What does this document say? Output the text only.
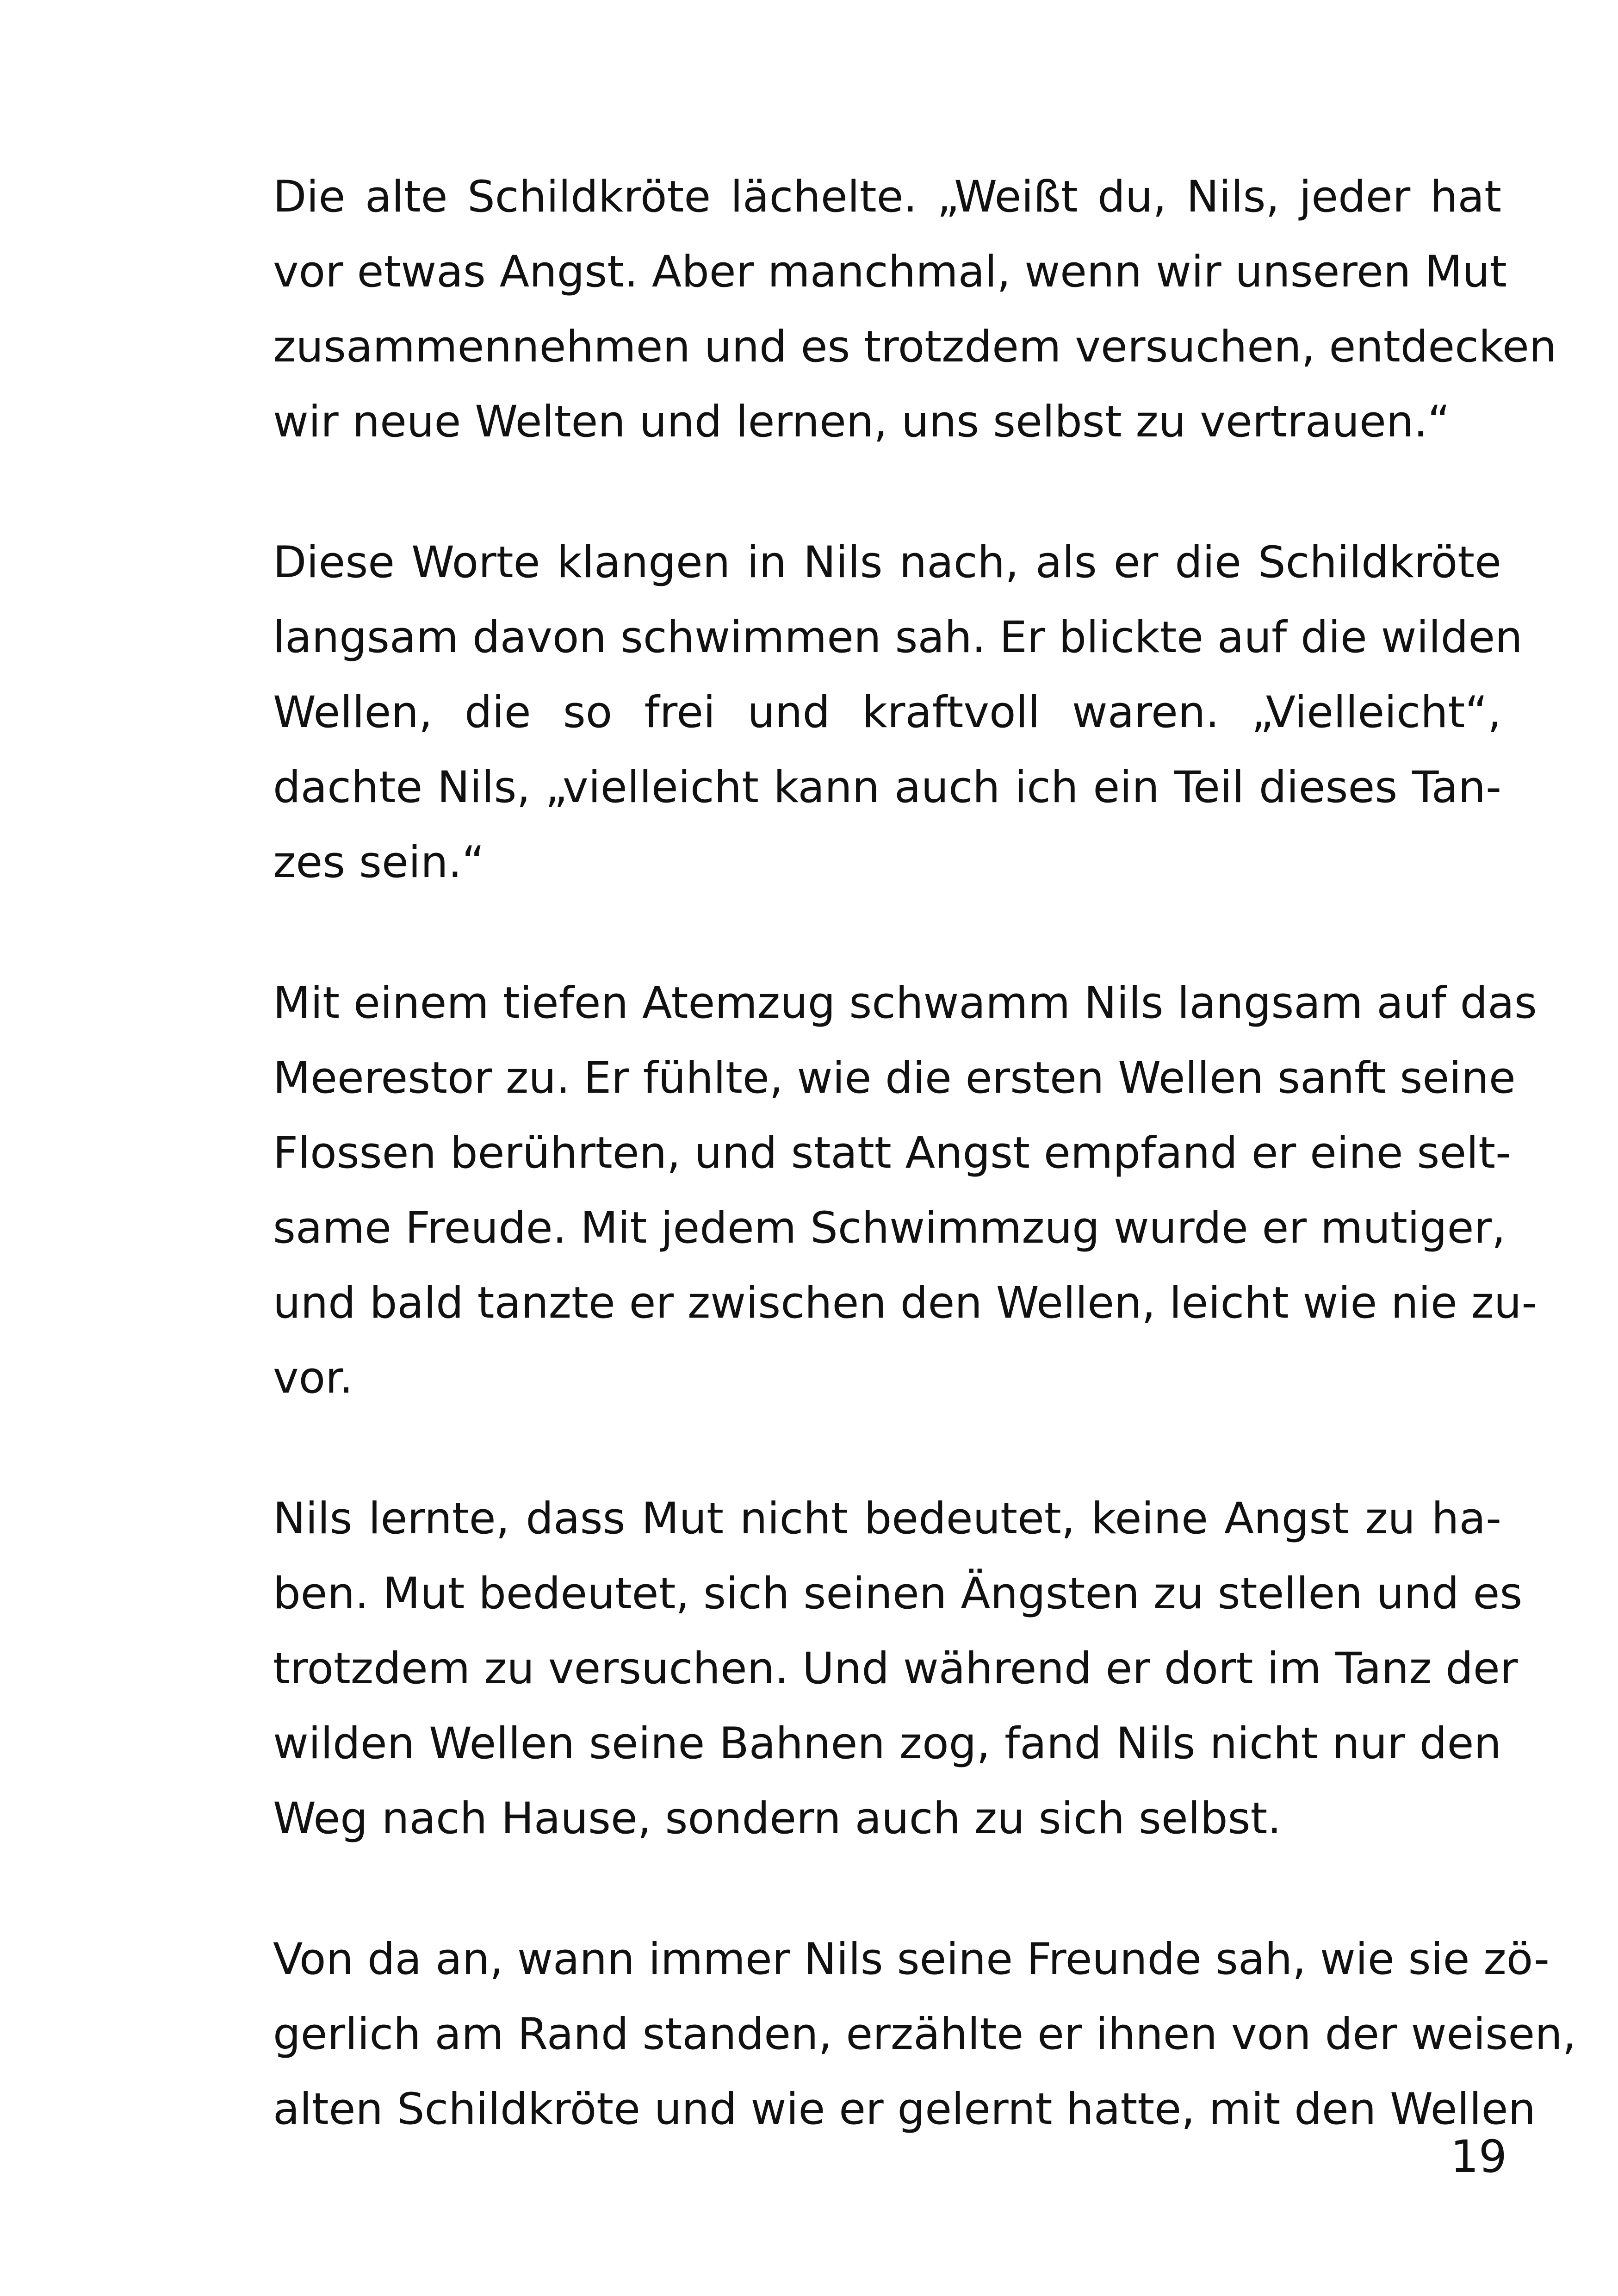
Die alte Schildkröte lächelte. „Weißt du, Nils, jeder hat
vor etwas Angst. Aber manchmal, wenn wir unseren Mut
zusammennehmen und es trotzdem versuchen, entdecken
wir neue Welten und lernen, uns selbst zu vertrauen.“

Diese Worte klangen in Nils nach, als er die Schildkröte
langsam davon schwimmen sah. Er blickte auf die wilden
Wellen, die so frei und kraftvoll waren. „Vielleicht“,
dachte Nils, „vielleicht kann auch ich ein Teil dieses Tan-
zes sein.“

Mit einem tiefen Atemzug schwamm Nils langsam auf das
Meerestor zu. Er fühlte, wie die ersten Wellen sanft seine
Flossen berührten, und statt Angst empfand er eine selt-
same Freude. Mit jedem Schwimmzug wurde er mutiger,
und bald tanzte er zwischen den Wellen, leicht wie nie zu-
vor.

Nils lernte, dass Mut nicht bedeutet, keine Angst zu ha-
ben. Mut bedeutet, sich seinen Ängsten zu stellen und es
trotzdem zu versuchen. Und während er dort im Tanz der
wilden Wellen seine Bahnen zog, fand Nils nicht nur den
Weg nach Hause, sondern auch zu sich selbst.

Von da an, wann immer Nils seine Freunde sah, wie sie zö-
gerlich am Rand standen, erzählte er ihnen von der weisen,
alten Schildkröte und wie er gelernt hatte, mit den Wellen

19
